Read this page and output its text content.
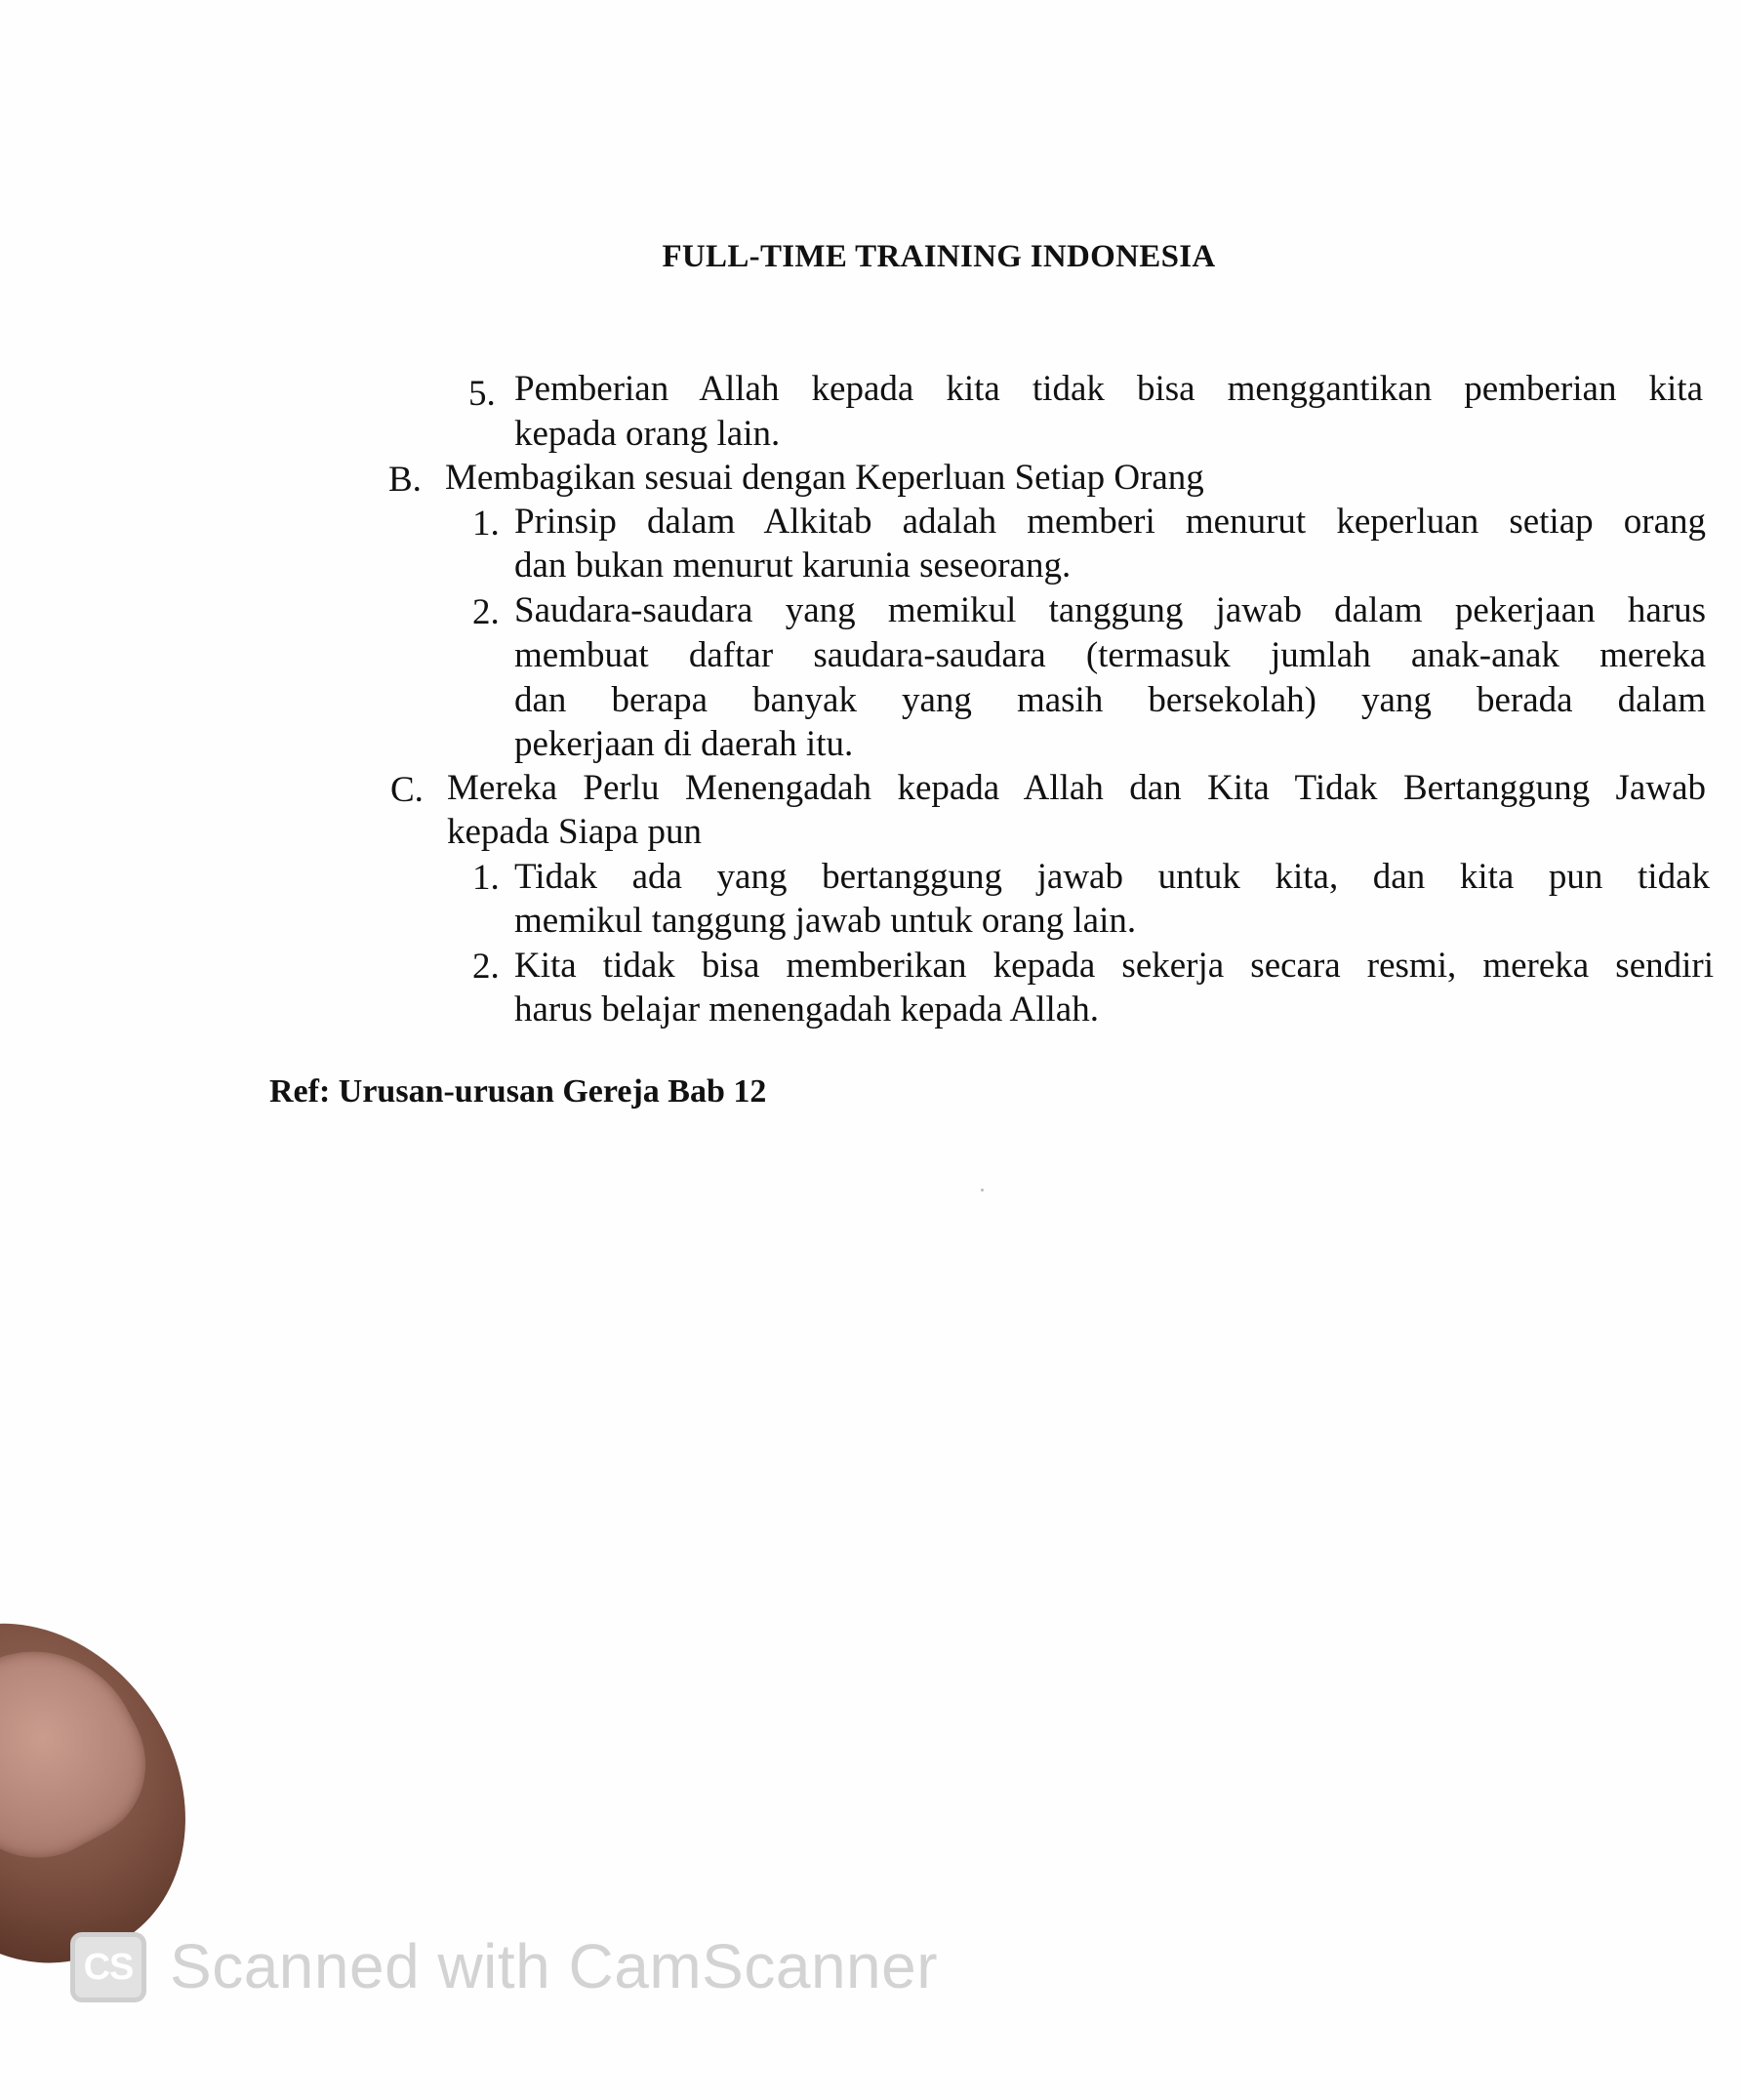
FULL-TIME TRAINING INDONESIA
5. Pemberian Allah kepada kita tidak bisa menggantikan pemberian kita
kepada orang lain.
B. Membagikan sesuai dengan Keperluan Setiap Orang
1. Prinsip dalam Alkitab adalah memberi menurut keperluan setiap orang
dan bukan menurut karunia seseorang.
2. Saudara-saudara yang memikul tanggung jawab dalam pekerjaan harus
membuat daftar saudara-saudara (termasuk jumlah anak-anak mereka
dan berapa banyak yang masih bersekolah) yang berada dalam
pekerjaan di daerah itu.
C. Mereka Perlu Menengadah kepada Allah dan Kita Tidak Bertanggung Jawab
kepada Siapa pun
1. Tidak ada yang bertanggung jawab untuk kita, dan kita pun tidak
memikul tanggung jawab untuk orang lain.
2. Kita tidak bisa memberikan kepada sekerja secara resmi, mereka sendiri
harus belajar menengadah kepada Allah.
Ref: Urusan-urusan Gereja Bab 12
CS Scanned with CamScanner
